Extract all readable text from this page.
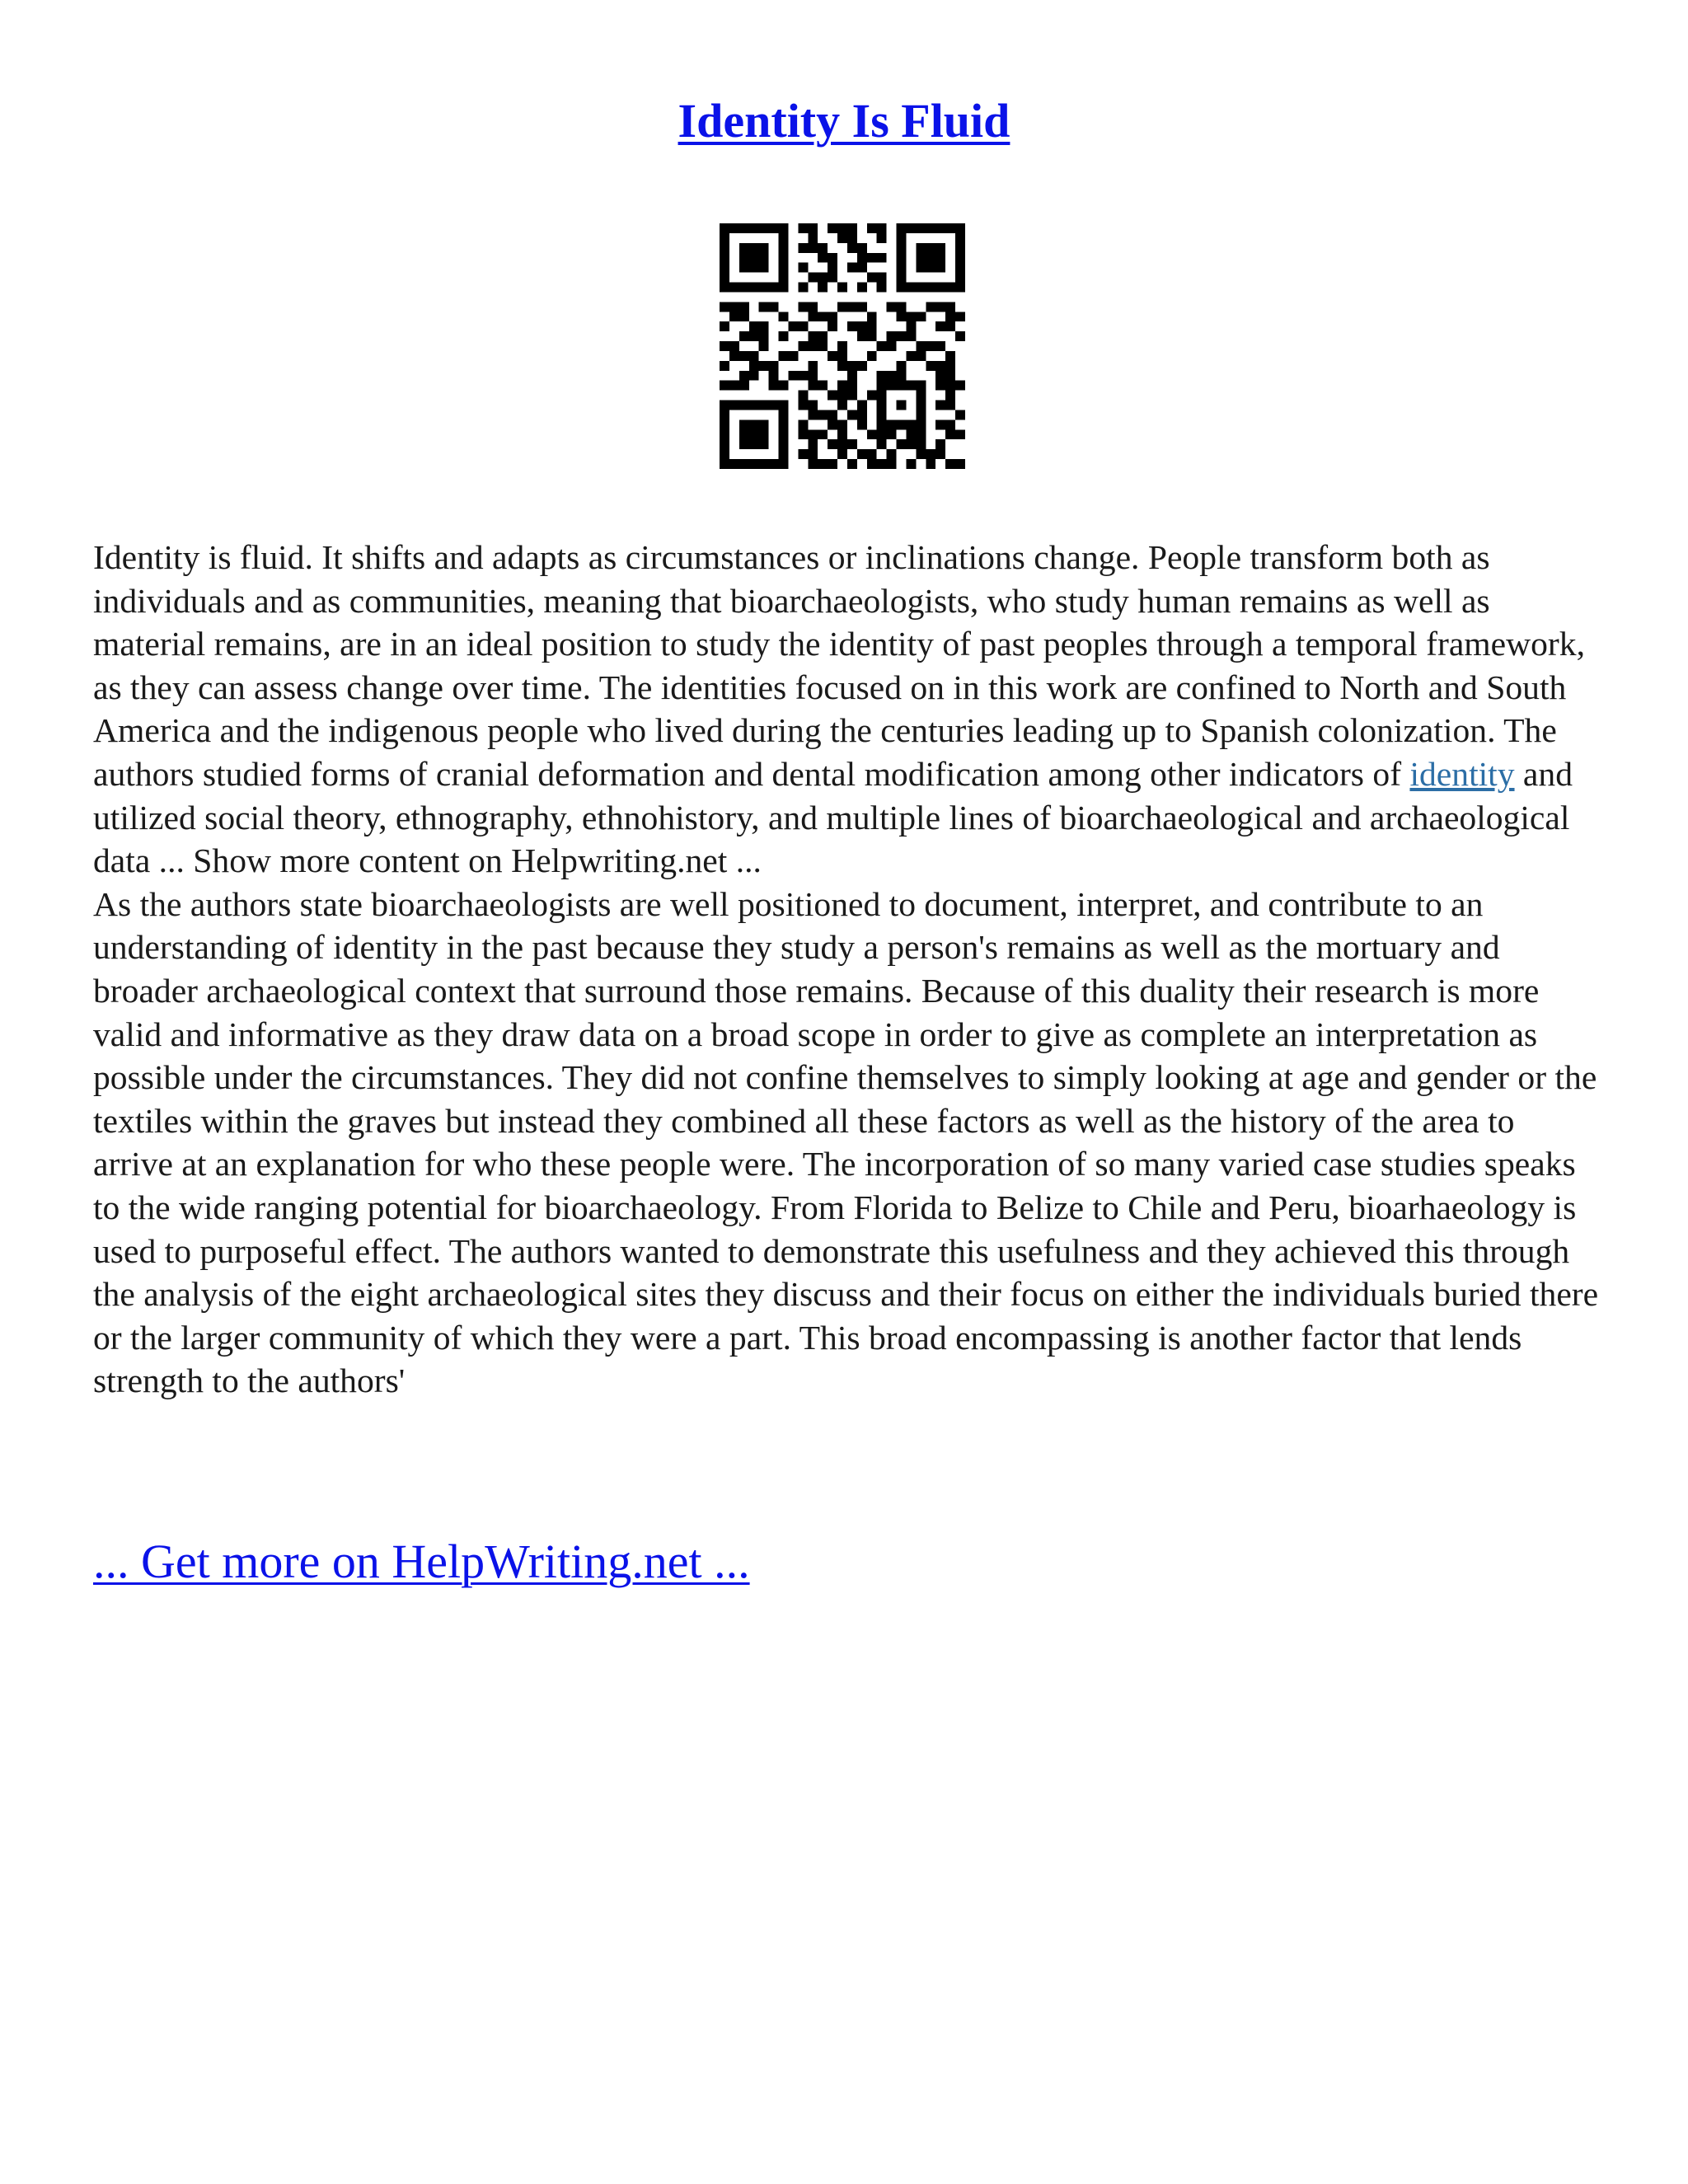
Identity Is Fluid

Identity is fluid. It shifts and adapts as circumstances or inclinations change. People transform both as individuals and as communities, meaning that bioarchaeologists, who study human remains as well as material remains, are in an ideal position to study the identity of past peoples through a temporal framework, as they can assess change over time. The identities focused on in this work are confined to North and South America and the indigenous people who lived during the centuries leading up to Spanish colonization. The authors studied forms of cranial deformation and dental modification among other indicators of identity and utilized social theory, ethnography, ethnohistory, and multiple lines of bioarchaeological and archaeological data ... Show more content on Helpwriting.net ...

As the authors state bioarchaeologists are well positioned to document, interpret, and contribute to an understanding of identity in the past because they study a person's remains as well as the mortuary and broader archaeological context that surround those remains. Because of this duality their research is more valid and informative as they draw data on a broad scope in order to give as complete an interpretation as possible under the circumstances. They did not confine themselves to simply looking at age and gender or the textiles within the graves but instead they combined all these factors as well as the history of the area to arrive at an explanation for who these people were. The incorporation of so many varied case studies speaks to the wide ranging potential for bioarchaeology. From Florida to Belize to Chile and Peru, bioarhaeology is used to purposeful effect. The authors wanted to demonstrate this usefulness and they achieved this through the analysis of the eight archaeological sites they discuss and their focus on either the individuals buried there or the larger community of which they were a part. This broad encompassing is another factor that lends strength to the authors'

... Get more on HelpWriting.net ...
